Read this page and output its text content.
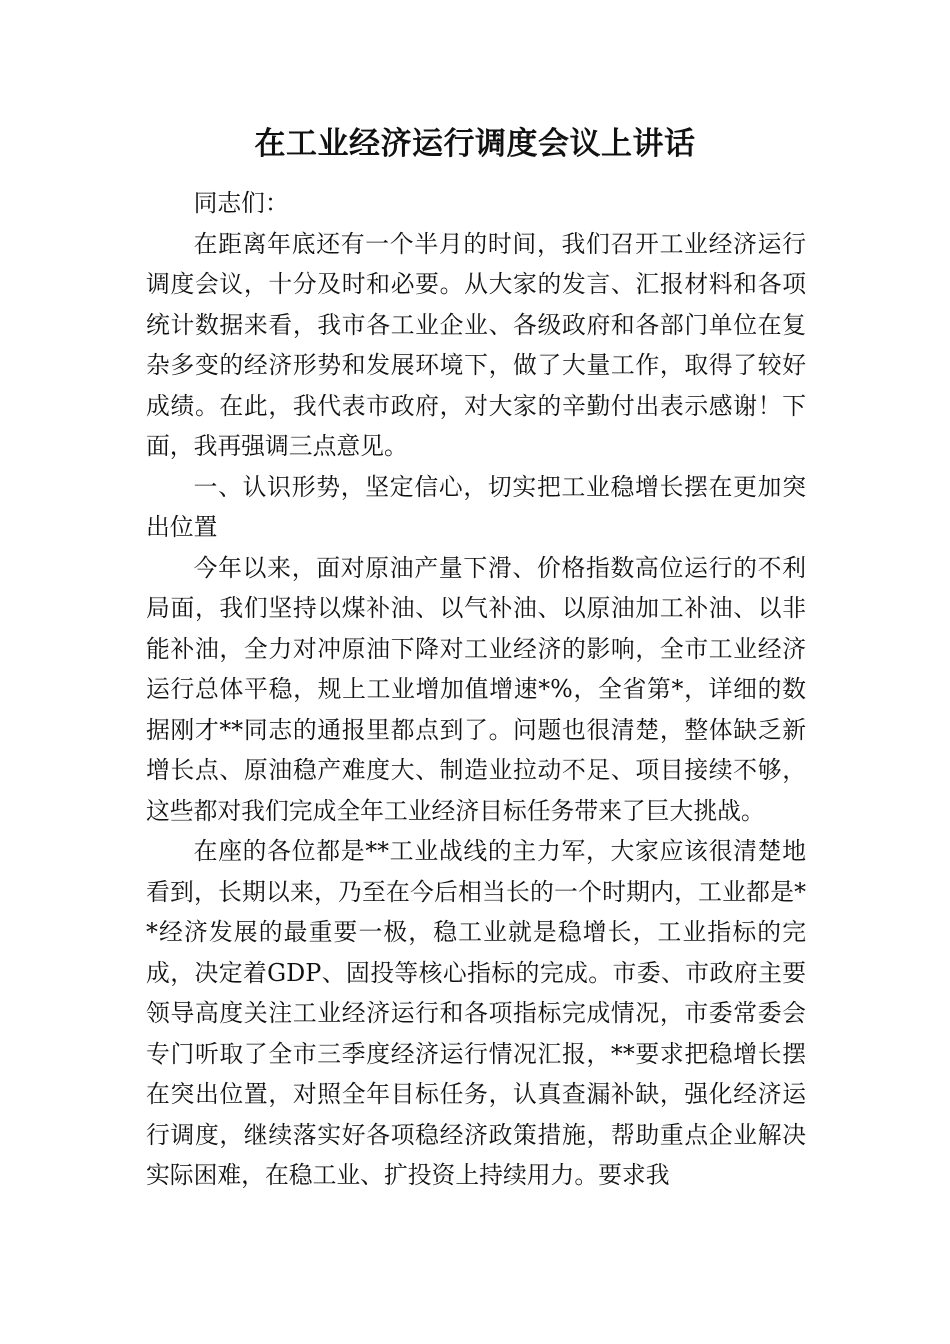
在工业经济运行调度会议上讲话

同志们：

在距离年底还有一个半月的时间，我们召开工业经济运行调度会议，十分及时和必要。从大家的发言、汇报材料和各项统计数据来看，我市各工业企业、各级政府和各部门单位在复杂多变的经济形势和发展环境下，做了大量工作，取得了较好成绩。在此，我代表市政府，对大家的辛勤付出表示感谢！下面，我再强调三点意见。

一、认识形势，坚定信心，切实把工业稳增长摆在更加突出位置

今年以来，面对原油产量下滑、价格指数高位运行的不利局面，我们坚持以煤补油、以气补油、以原油加工补油、以非能补油，全力对冲原油下降对工业经济的影响，全市工业经济运行总体平稳，规上工业增加值增速*%，全省第*，详细的数据刚才**同志的通报里都点到了。问题也很清楚，整体缺乏新增长点、原油稳产难度大、制造业拉动不足、项目接续不够，这些都对我们完成全年工业经济目标任务带来了巨大挑战。

在座的各位都是**工业战线的主力军，大家应该很清楚地看到，长期以来，乃至在今后相当长的一个时期内，工业都是**经济发展的最重要一极，稳工业就是稳增长，工业指标的完成，决定着GDP、固投等核心指标的完成。市委、市政府主要领导高度关注工业经济运行和各项指标完成情况，市委常委会专门听取了全市三季度经济运行情况汇报，**要求把稳增长摆在突出位置，对照全年目标任务，认真查漏补缺，强化经济运行调度，继续落实好各项稳经济政策措施，帮助重点企业解决实际困难，在稳工业、扩投资上持续用力。要求我
